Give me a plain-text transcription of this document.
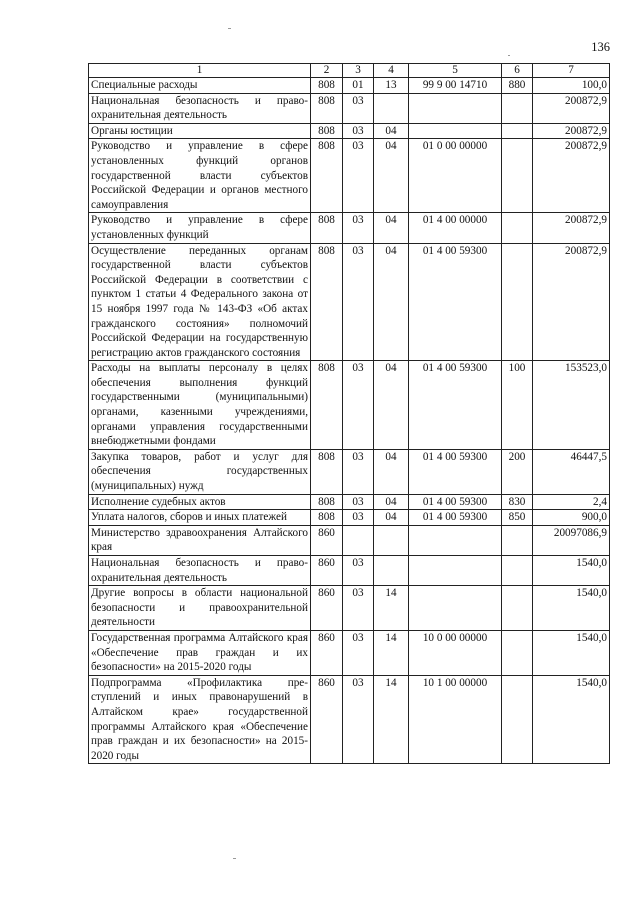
136
1	2	3	4	5	6	7
Специальные расходы	808	01	13	99 9 00 14710	880	100,0
Национальная безопасность и правоохранительная деятельность	808	03				200872,9
Органы юстиции	808	03	04			200872,9
Руководство и управление в сфере установленных функций органов государственной власти субъектов Российской Федерации и органов местного самоуправления	808	03	04	01 0 00 00000		200872,9
Руководство и управление в сфере установленных функций	808	03	04	01 4 00 00000		200872,9
Осуществление переданных органам государственной власти субъектов Российской Федерации в соответствии с пунктом 1 статьи 4 Федерального закона от 15 ноября 1997 года № 143-ФЗ «Об актах гражданского состояния» полномочий Российской Федерации на государственную регистрацию актов гражданского состояния	808	03	04	01 4 00 59300		200872,9
Расходы на выплаты персоналу в целях обеспечения выполнения функций государственными (муниципальными) органами, казенными учреждениями, органами управления государственными внебюджетными фондами	808	03	04	01 4 00 59300	100	153523,0
Закупка товаров, работ и услуг для обеспечения государственных (муниципальных) нужд	808	03	04	01 4 00 59300	200	46447,5
Исполнение судебных актов	808	03	04	01 4 00 59300	830	2,4
Уплата налогов, сборов и иных платежей	808	03	04	01 4 00 59300	850	900,0
Министерство здравоохранения Алтайского края	860					20097086,9
Национальная безопасность и правоохранительная деятельность	860	03				1540,0
Другие вопросы в области национальной безопасности и правоохранительной деятельности	860	03	14			1540,0
Государственная программа Алтайского края «Обеспечение прав граждан и их безопасности» на 2015-2020 годы	860	03	14	10 0 00 00000		1540,0
Подпрограмма «Профилактика преступлений и иных правонарушений в Алтайском крае» государственной программы Алтайского края «Обеспечение прав граждан и их безопасности» на 2015-2020 годы	860	03	14	10 1 00 00000		1540,0
